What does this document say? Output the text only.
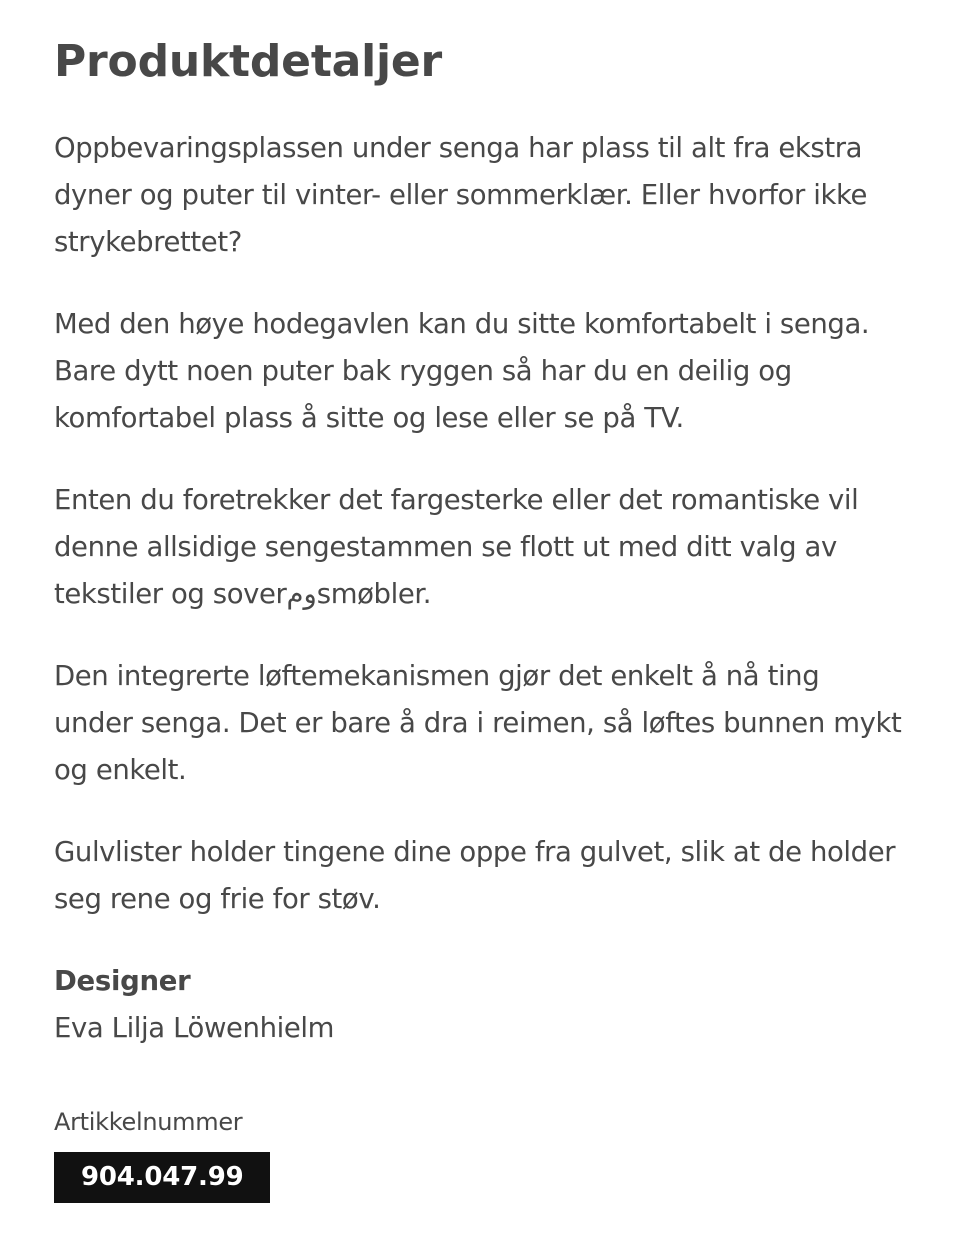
Produktdetaljer

Oppbevaringsplassen under senga har plass til alt fra ekstra dyner og puter til vinter- eller sommerklær. Eller hvorfor ikke strykebrettet?

Med den høye hodegavlen kan du sitte komfortabelt i senga. Bare dytt noen puter bak ryggen så har du en deilig og komfortabel plass å sitte og lese eller se på TV.

Enten du foretrekker det fargesterke eller det romantiske vil denne allsidige sengestammen se flott ut med ditt valg av tekstiler og soverومsmøbler.

Den integrerte løftemekanismen gjør det enkelt å nå ting under senga. Det er bare å dra i reimen, så løftes bunnen mykt og enkelt.

Gulvlister holder tingene dine oppe fra gulvet, slik at de holder seg rene og frie for støv.

Designer
Eva Lilja Löwenhielm
Artikkelnummer
904.047.99
